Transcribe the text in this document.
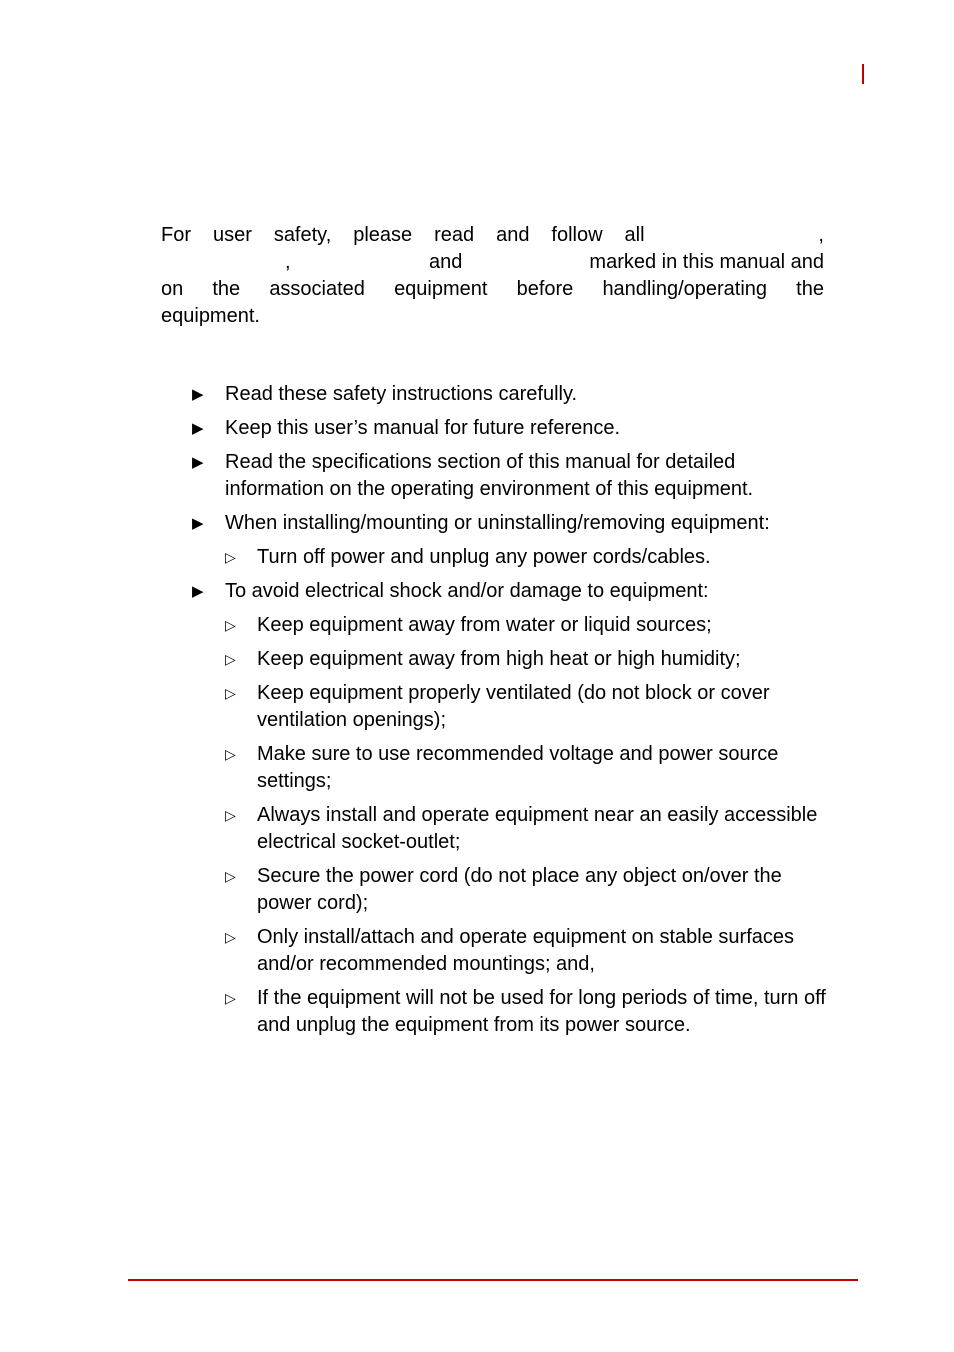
For user safety, please read and follow all	,
,	and	marked in this manual and
on the associated equipment before handling/operating the
equipment.
▶	Read these safety instructions carefully.
▶	Keep this user’s manual for future reference.
▶	Read the specifications section of this manual for detailed information on the operating environment of this equipment.
▶	When installing/mounting or uninstalling/removing equipment:
▷	Turn off power and unplug any power cords/cables.
▶	To avoid electrical shock and/or damage to equipment:
▷	Keep equipment away from water or liquid sources;
▷	Keep equipment away from high heat or high humidity;
▷	Keep equipment properly ventilated (do not block or cover ventilation openings);
▷	Make sure to use recommended voltage and power source settings;
▷	Always install and operate equipment near an easily accessible electrical socket-outlet;
▷	Secure the power cord (do not place any object on/over the power cord);
▷	Only install/attach and operate equipment on stable surfaces and/or recommended mountings; and,
▷	If the equipment will not be used for long periods of time, turn off and unplug the equipment from its power source.
